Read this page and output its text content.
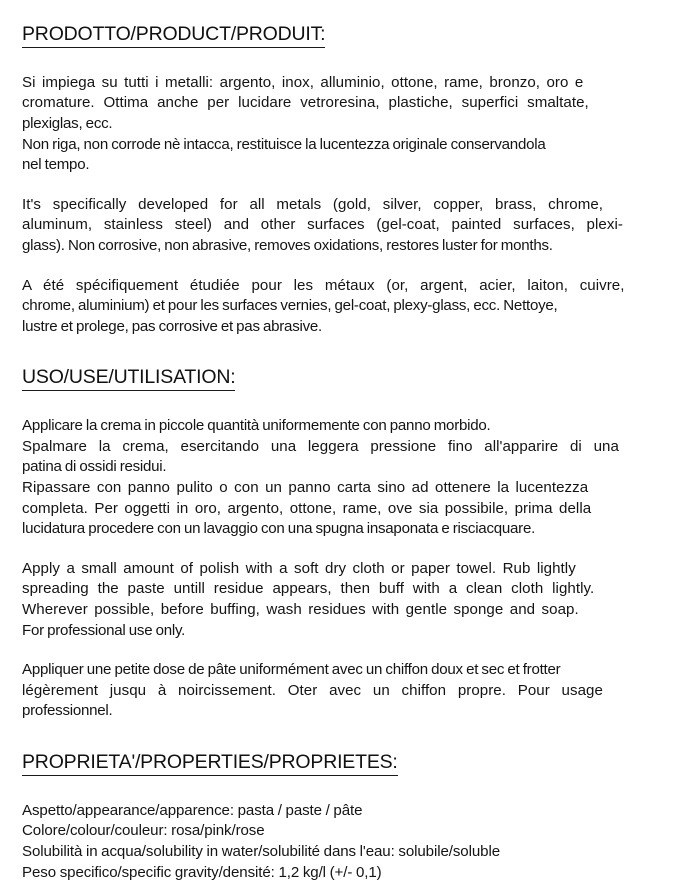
PRODOTTO/PRODUCT/PRODUIT:

Si impiega su tutti i metalli: argento, inox, alluminio, ottone, rame, bronzo, oro e
cromature. Ottima anche per lucidare vetroresina, plastiche, superfici smaltate,
plexiglas, ecc.
Non riga, non corrode nè intacca, restituisce la lucentezza originale conservandola
nel tempo.

It's specifically developed for all metals (gold, silver, copper, brass, chrome,
aluminum, stainless steel) and other surfaces (gel-coat, painted surfaces, plexi-
glass). Non corrosive, non abrasive, removes oxidations, restores luster for months.

A été spécifiquement étudiée pour les métaux (or, argent, acier, laiton, cuivre,
chrome, aluminium) et pour les surfaces vernies, gel-coat, plexy-glass, ecc. Nettoye,
lustre et prolege, pas corrosive et pas abrasive.

USO/USE/UTILISATION:

Applicare la crema in piccole quantità uniformemente con panno morbido.
Spalmare la crema, esercitando una leggera pressione fino all'apparire di una
patina di ossidi residui.
Ripassare con panno pulito o con un panno carta sino ad ottenere la lucentezza
completa. Per oggetti in oro, argento, ottone, rame, ove sia possibile, prima della
lucidatura procedere con un lavaggio con una spugna insaponata e risciacquare.

Apply a small amount of polish with a soft dry cloth or paper towel. Rub lightly
spreading the paste untill residue appears, then buff with a clean cloth lightly.
Wherever possible, before buffing, wash residues with gentle sponge and soap.
For professional use only.

Appliquer une petite dose de pâte uniformément avec un chiffon doux et sec et frotter
légèrement jusqu à noircissement. Oter avec un chiffon propre. Pour usage
professionnel.

PROPRIETA'/PROPERTIES/PROPRIETES:

Aspetto/appearance/apparence: pasta / paste / pâte

Colore/colour/couleur: rosa/pink/rose

Solubilità in acqua/solubility in water/solubilité dans l'eau: solubile/soluble

Peso specifico/specific gravity/densité: 1,2 kg/l (+/- 0,1)
